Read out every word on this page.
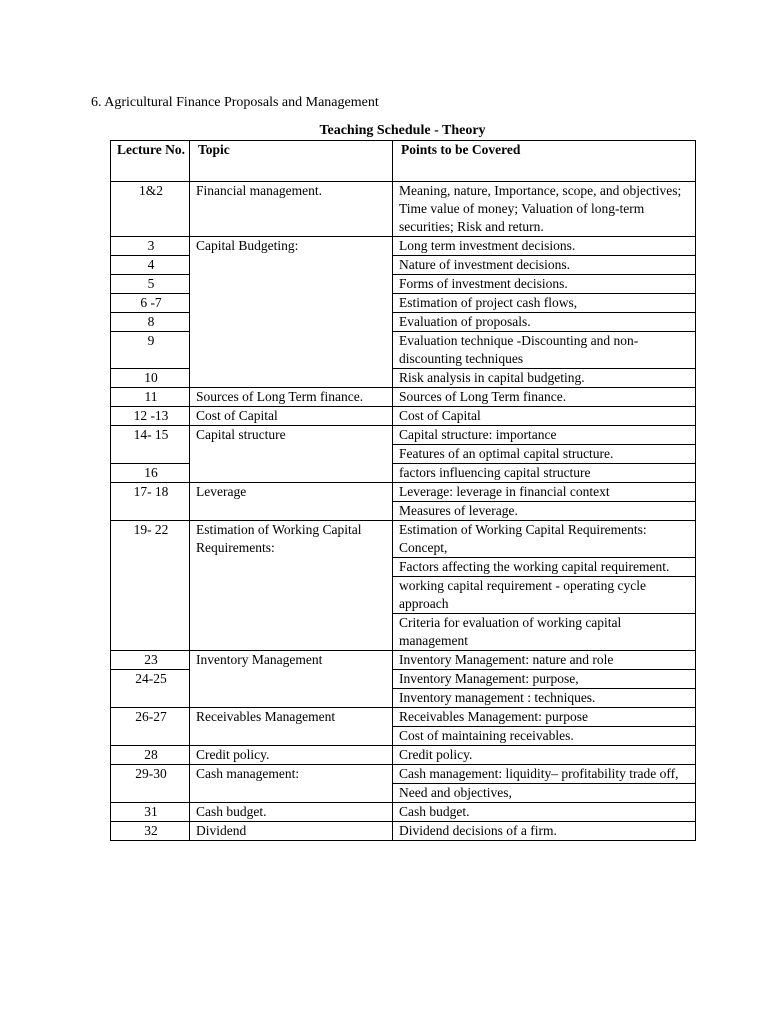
6. Agricultural Finance Proposals and Management
Teaching Schedule - Theory
Lecture No.	Topic	Points to be Covered
1&2	Financial management.	Meaning, nature, Importance, scope, and objectives; Time value of money; Valuation of long-term securities; Risk and return.
3	Capital Budgeting:	Long term investment decisions.
4		Nature of investment decisions.
5		Forms of investment decisions.
6 -7		Estimation of project cash flows,
8		Evaluation of proposals.
9		Evaluation technique -Discounting and non-discounting techniques
10		Risk analysis in capital budgeting.
11	Sources of Long Term finance.	Sources of Long Term finance.
12 -13	Cost of Capital	Cost of Capital
14- 15	Capital structure	Capital structure: importance
		Features of an optimal capital structure.
16		factors influencing capital structure
17- 18	Leverage	Leverage: leverage in financial context
		Measures of leverage.
19- 22	Estimation of Working Capital Requirements:	Estimation of Working Capital Requirements: Concept,
		Factors affecting the working capital requirement.
		working capital requirement - operating cycle approach
		Criteria for evaluation of working capital management
23	Inventory Management	Inventory Management: nature and role
24-25		Inventory Management: purpose,
		Inventory management : techniques.
26-27	Receivables Management	Receivables Management: purpose
		Cost of maintaining receivables.
28	Credit policy.	Credit policy.
29-30	Cash management:	Cash management: liquidity– profitability trade off,
		Need and objectives,
31	Cash budget.	Cash budget.
32	Dividend	Dividend decisions of a firm.
